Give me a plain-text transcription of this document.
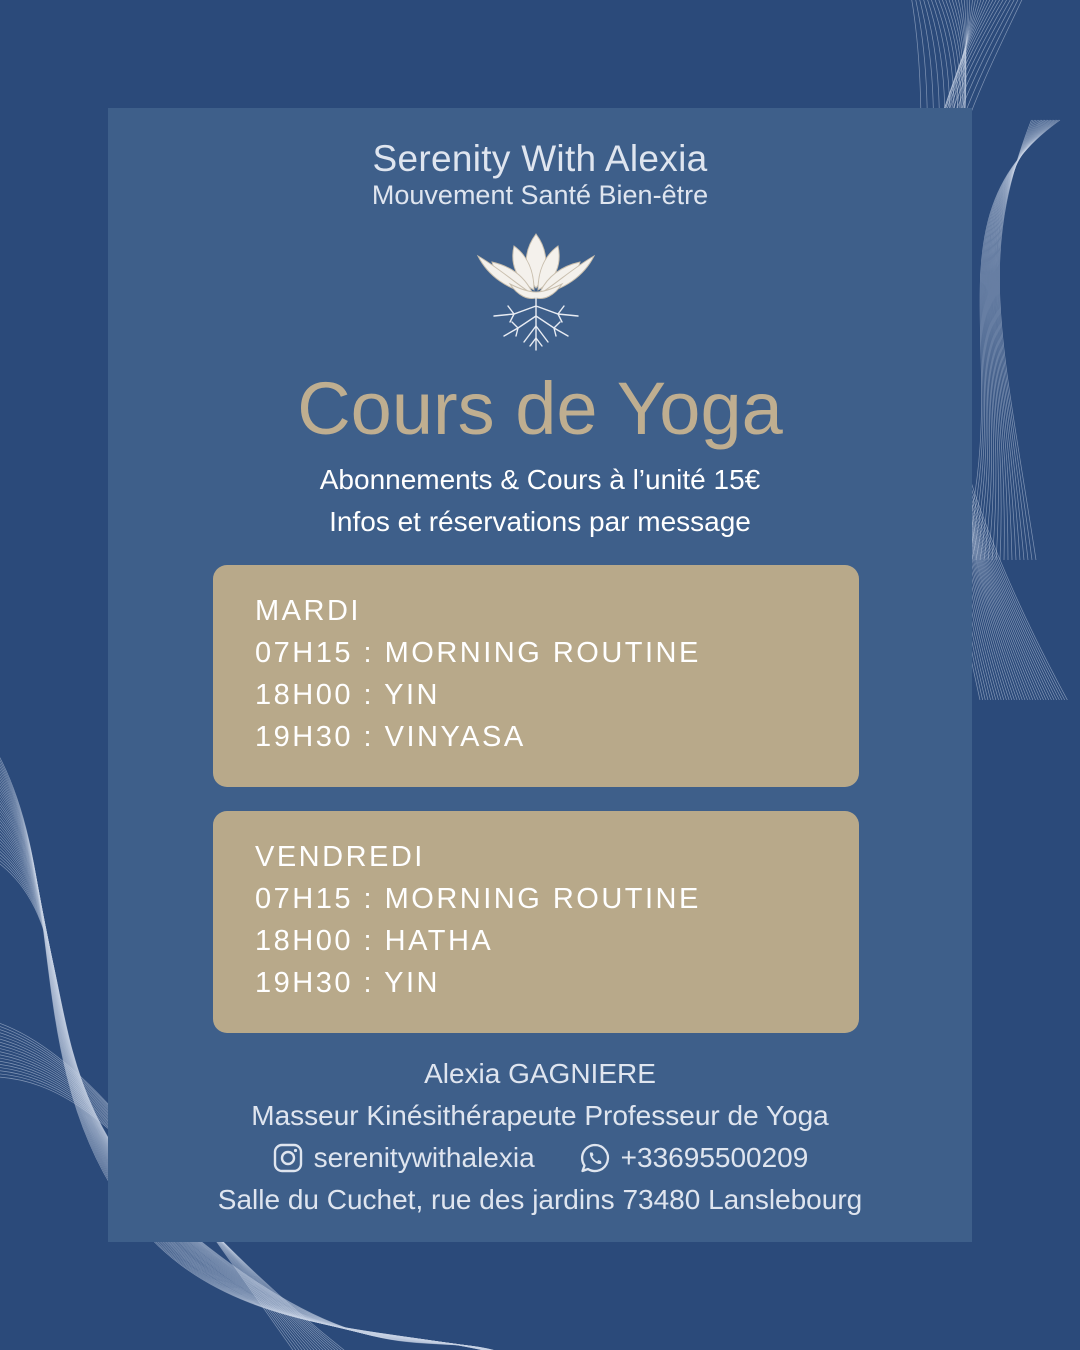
Serenity With Alexia
Mouvement Santé Bien-être
Cours de Yoga
Abonnements & Cours à l’unité 15€
Infos et réservations par message
MARDI
07H15 : MORNING ROUTINE
18H00 : YIN
19H30 : VINYASA
VENDREDI
07H15 : MORNING ROUTINE
18H00 : HATHA
19H30 : YIN
Alexia GAGNIERE
Masseur Kinésithérapeute Professeur de Yoga
serenitywithalexia	+33695500209
Salle du Cuchet, rue des jardins 73480 Lanslebourg
